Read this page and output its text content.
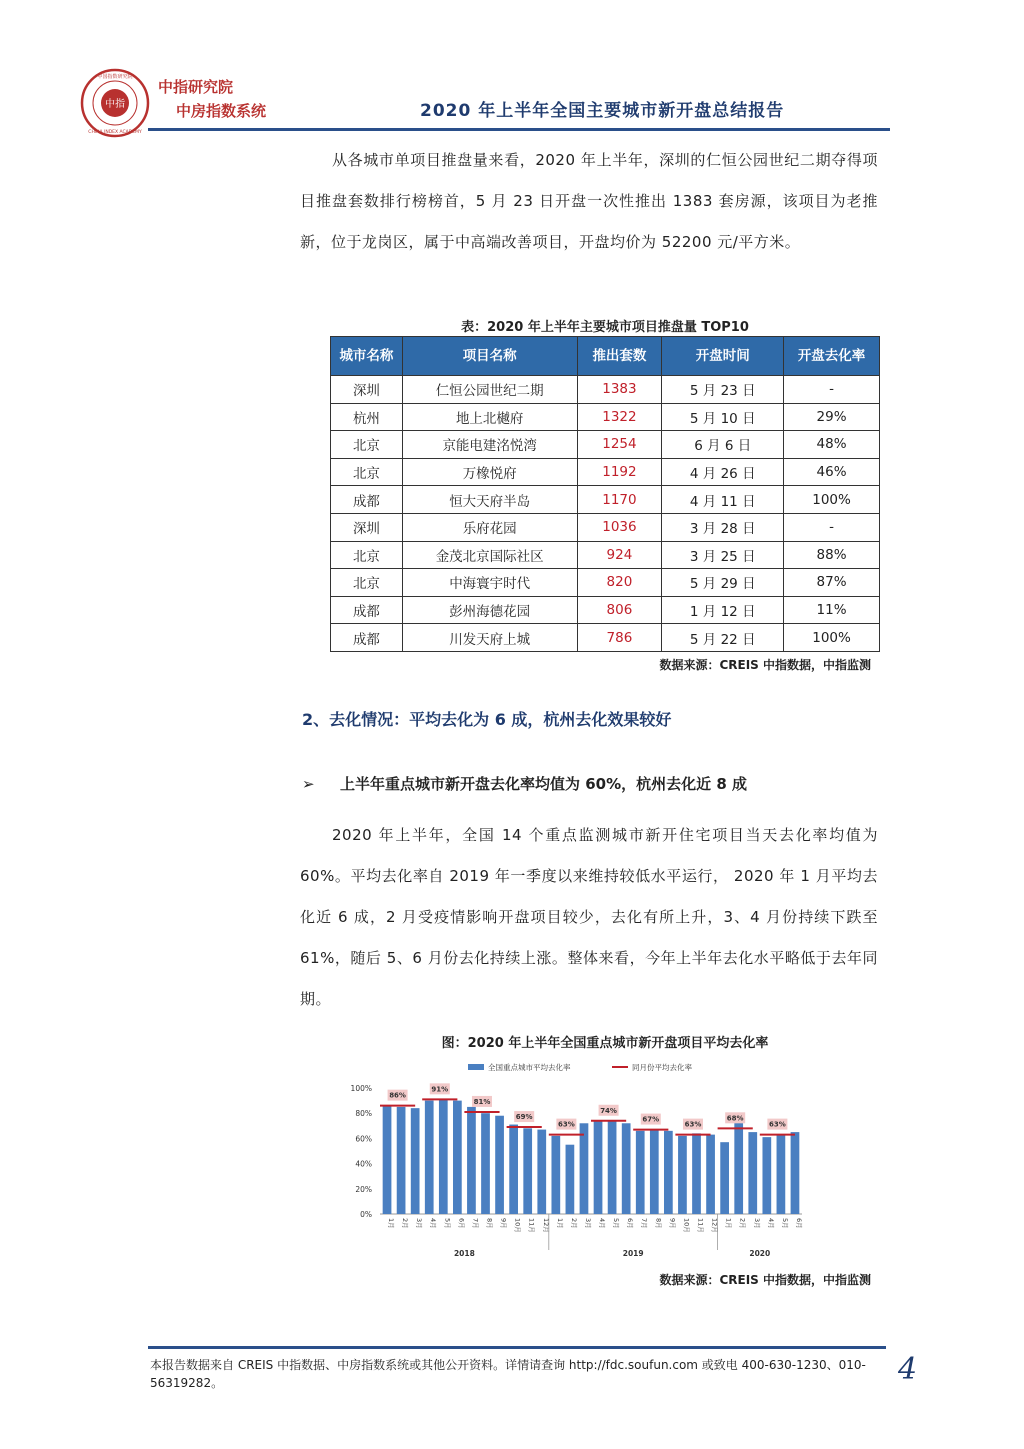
中指
中国指数研究院
CHINA INDEX ACADEMY
中指研究院
中房指数系统	2020 年上半年全国主要城市新开盘总结报告

从各城市单项目推盘量来看，2020 年上半年，深圳的仁恒公园世纪二期夺得项目推盘套数排行榜榜首，5 月 23 日开盘一次性推出 1383 套房源，该项目为老推新，位于龙岗区，属于中高端改善项目，开盘均价为 52200 元/平方米。

表：2020 年上半年主要城市项目推盘量 TOP10
城市名称	项目名称	推出套数	开盘时间	开盘去化率
深圳	仁恒公园世纪二期	1383	5 月 23 日	-
杭州	地上北樾府	1322	5 月 10 日	29%
北京	京能电建洺悦湾	1254	6 月 6 日	48%
北京	万橡悦府	1192	4 月 26 日	46%
成都	恒大天府半岛	1170	4 月 11 日	100%
深圳	乐府花园	1036	3 月 28 日	-
北京	金茂北京国际社区	924	3 月 25 日	88%
北京	中海寰宇时代	820	5 月 29 日	87%
成都	彭州海德花园	806	1 月 12 日	11%
成都	川发天府上城	786	5 月 22 日	100%
数据来源：CREIS 中指数据，中指监测
2、去化情况：平均去化为 6 成，杭州去化效果较好
➢ 上半年重点城市新开盘去化率均值为 60%，杭州去化近 8 成

2020 年上半年，全国 14 个重点监测城市新开住宅项目当天去化率均值为 60%。平均去化率自 2019 年一季度以来维持较低水平运行， 2020 年 1 月平均去化近 6 成，2 月受疫情影响开盘项目较少，去化有所上升，3、4 月份持续下跌至 61%，随后 5、6 月份去化持续上涨。整体来看，今年上半年去化水平略低于去年同期。

图：2020 年上半年全国重点城市新开盘项目平均去化率
全国重点城市平均去化率	同月份平均去化率
0%
20%
40%
60%
80%
100%
1月 2月 3月 4月 5月 6月 7月 8月 9月 10月 11月 12月 1月 2月 3月 4月 5月 6月 7月 8月 9月 10月 11月 12月 1月 2月 3月 4月 5月 6月
2018	2019	2020
86%
91%
81%
69%
63%
74%
67%
63%
68%
63%
数据来源：CREIS 中指数据，中指监测
本报告数据来自 CREIS 中指数据、中房指数系统或其他公开资料。详情请查询 http://fdc.soufun.com 或致电 400-630-1230、010-56319282。	4
